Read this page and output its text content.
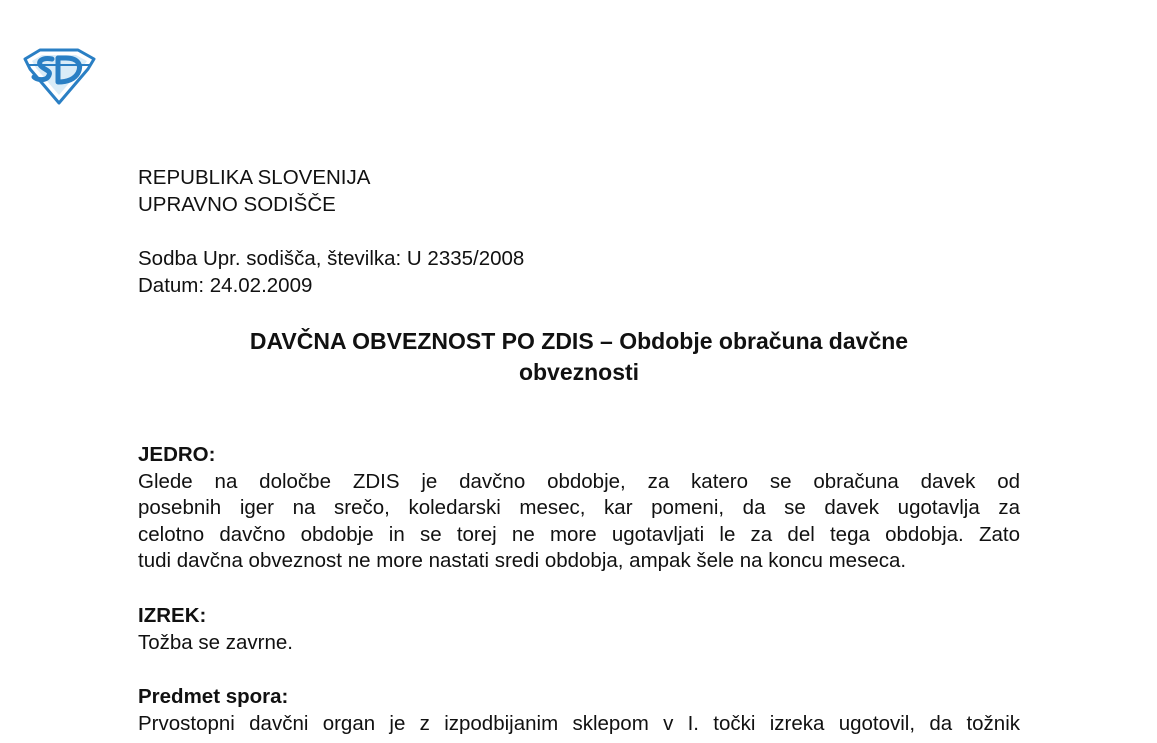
REPUBLIKA SLOVENIJA
UPRAVNO SODIŠČE
Sodba Upr. sodišča, številka: U 2335/2008
Datum: 24.02.2009
DAVČNA OBVEZNOST PO ZDIS – Obdobje obračuna davčne
obveznosti
JEDRO:
Glede na določbe ZDIS je davčno obdobje, za katero se obračuna davek od
posebnih iger na srečo, koledarski mesec, kar pomeni, da se davek ugotavlja za
celotno davčno obdobje in se torej ne more ugotavljati le za del tega obdobja. Zato
tudi davčna obveznost ne more nastati sredi obdobja, ampak šele na koncu meseca.
IZREK:
Tožba se zavrne.
Predmet spora:
Prvostopni davčni organ je z izpodbijanim sklepom v I. točki izreka ugotovil, da tožnik
